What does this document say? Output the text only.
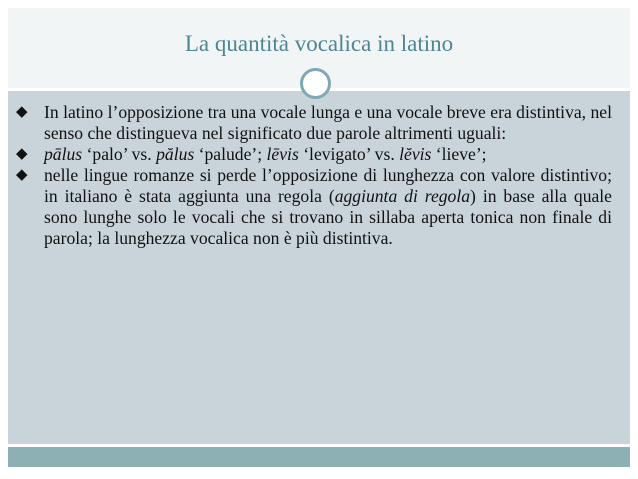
La quantità vocalica in latino
◆ In latino l’opposizione tra una vocale lunga e una vocale breve era distintiva, nel senso che distingueva nel significato due parole altrimenti uguali:
◆ pālus ‘palo’ vs. pălus ‘palude’; lēvis ‘levigato’ vs. lĕvis ‘lieve’;
◆ nelle lingue romanze si perde l’opposizione di lunghezza con valore distintivo; in italiano è stata aggiunta una regola (aggiunta di regola) in base alla quale sono lunghe solo le vocali che si trovano in sillaba aperta tonica non finale di parola; la lunghezza vocalica non è più distintiva.
